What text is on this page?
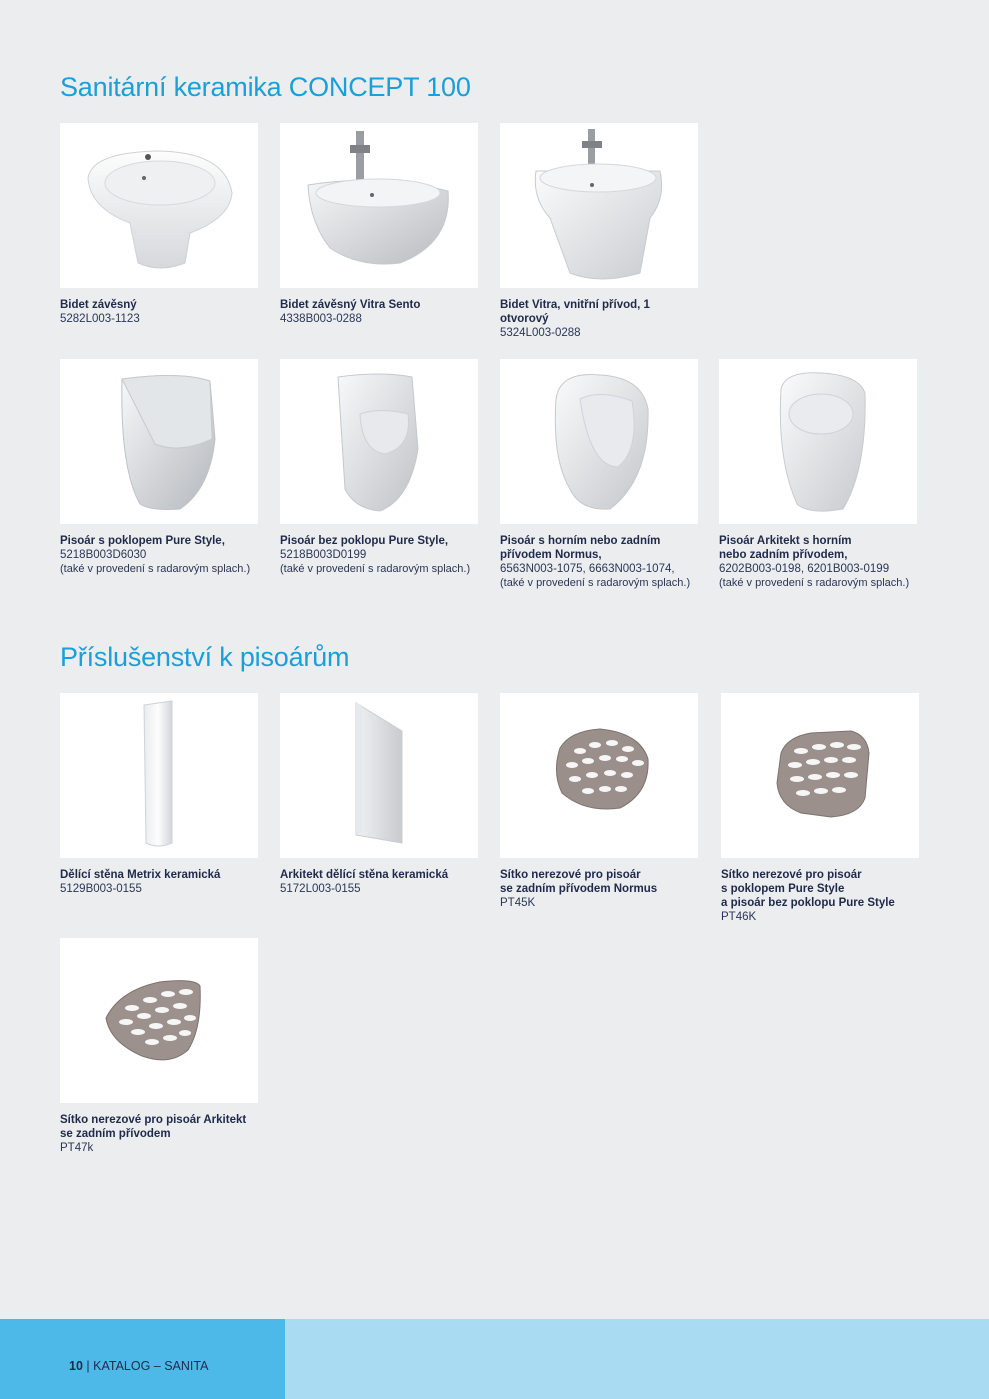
Sanitární keramika CONCEPT 100
Bidet závěsný
5282L003-1123
Bidet závěsný Vitra Sento
4338B003-0288
Bidet Vitra, vnitřní přívod, 1 otvorový
5324L003-0288
Pisoár s poklopem Pure Style,
5218B003D6030
(také v provedení s radarovým splach.)
Pisoár bez poklopu Pure Style,
5218B003D0199
(také v provedení s radarovým splach.)
Pisoár s horním nebo zadním
přívodem Normus,
6563N003-1075, 6663N003-1074,
(také v provedení s radarovým splach.)
Pisoár Arkitekt s horním
nebo zadním přívodem,
6202B003-0198, 6201B003-0199
(také v provedení s radarovým splach.)
Příslušenství k pisoárům
Dělící stěna Metrix keramická
5129B003-0155
Arkitekt dělící stěna keramická
5172L003-0155
Sítko nerezové pro pisoár
se zadním přívodem Normus
PT45K
Sítko nerezové pro pisoár
s poklopem Pure Style
a pisoár bez poklopu Pure Style
PT46K
Sítko nerezové pro pisoár Arkitekt
se zadním přívodem
PT47k
10 | KATALOG – SANITA
